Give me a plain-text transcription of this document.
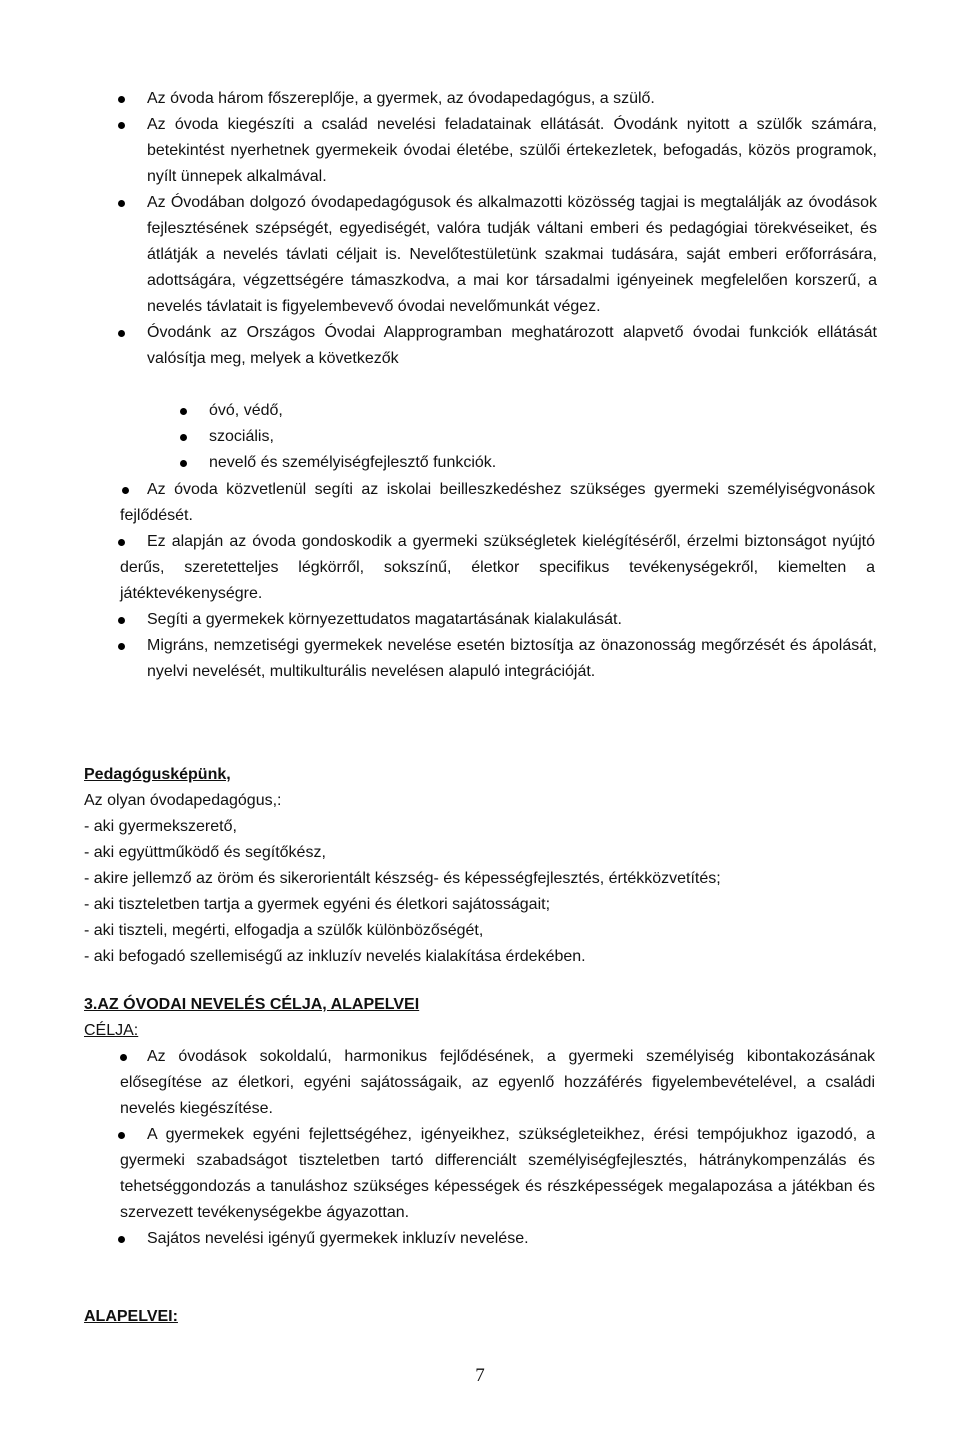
Az óvoda három főszereplője, a gyermek, az óvodapedagógus, a szülő.
Az óvoda kiegészíti a család nevelési feladatainak ellátását. Óvodánk nyitott a szülők számára, betekintést nyerhetnek gyermekeik óvodai életébe, szülői értekezletek, befogadás, közös programok, nyílt ünnepek alkalmával.
Az Óvodában dolgozó óvodapedagógusok és alkalmazotti közösség tagjai is megtalálják az óvodások fejlesztésének szépségét, egyediségét, valóra tudják váltani emberi és pedagógiai törekvéseiket, és átlátják a nevelés távlati céljait is. Nevelőtestületünk szakmai tudására, saját emberi erőforrására, adottságára, végzettségére támaszkodva, a mai kor társadalmi igényeinek megfelelően korszerű, a nevelés távlatait is figyelembevevő óvodai nevelőmunkát végez.
Óvodánk az Országos Óvodai Alapprogramban meghatározott alapvető óvodai funkciók ellátását valósítja meg, melyek a következők
óvó, védő,
szociális,
nevelő és személyiségfejlesztő funkciók.
Az óvoda közvetlenül segíti az iskolai beilleszkedéshez szükséges gyermeki személyiségvonások fejlődését.
Ez alapján az óvoda gondoskodik a gyermeki szükségletek kielégítéséről, érzelmi biztonságot nyújtó derűs, szeretetteljes légkörről, sokszínű, életkor specifikus tevékenységekről, kiemelten a játéktevékenységre.
Segíti a gyermekek környezettudatos magatartásának kialakulását.
Migráns, nemzetiségi gyermekek nevelése esetén biztosítja az önazonosság megőrzését és ápolását, nyelvi nevelését, multikulturális nevelésen alapuló integrációját.
Pedagógusképünk,
Az olyan óvodapedagógus,:
- aki gyermekszerető,
- aki együttműködő és segítőkész,
- akire jellemző az öröm és sikerorientált készség- és képességfejlesztés, értékközvetítés;
- aki tiszteletben tartja a gyermek egyéni és életkori sajátosságait;
- aki tiszteli, megérti, elfogadja a szülők különbözőségét,
- aki befogadó szellemiségű az inkluzív nevelés kialakítása érdekében.
3.AZ ÓVODAI NEVELÉS CÉLJA, ALAPELVEI
CÉLJA:
Az óvodások sokoldalú, harmonikus fejlődésének, a gyermeki személyiség kibontakozásának elősegítése az életkori, egyéni sajátosságaik, az egyenlő hozzáférés figyelembevételével, a családi nevelés kiegészítése.
A gyermekek egyéni fejlettségéhez, igényeikhez, szükségleteikhez, érési tempójukhoz igazodó, a gyermeki szabadságot tiszteletben tartó differenciált személyiségfejlesztés, hátránykompenzálás és tehetséggondozás a tanuláshoz szükséges képességek és részképességek megalapozása a játékban és szervezett tevékenységekbe ágyazottan.
Sajátos nevelési igényű gyermekek inkluzív nevelése.
ALAPELVEI:
7
